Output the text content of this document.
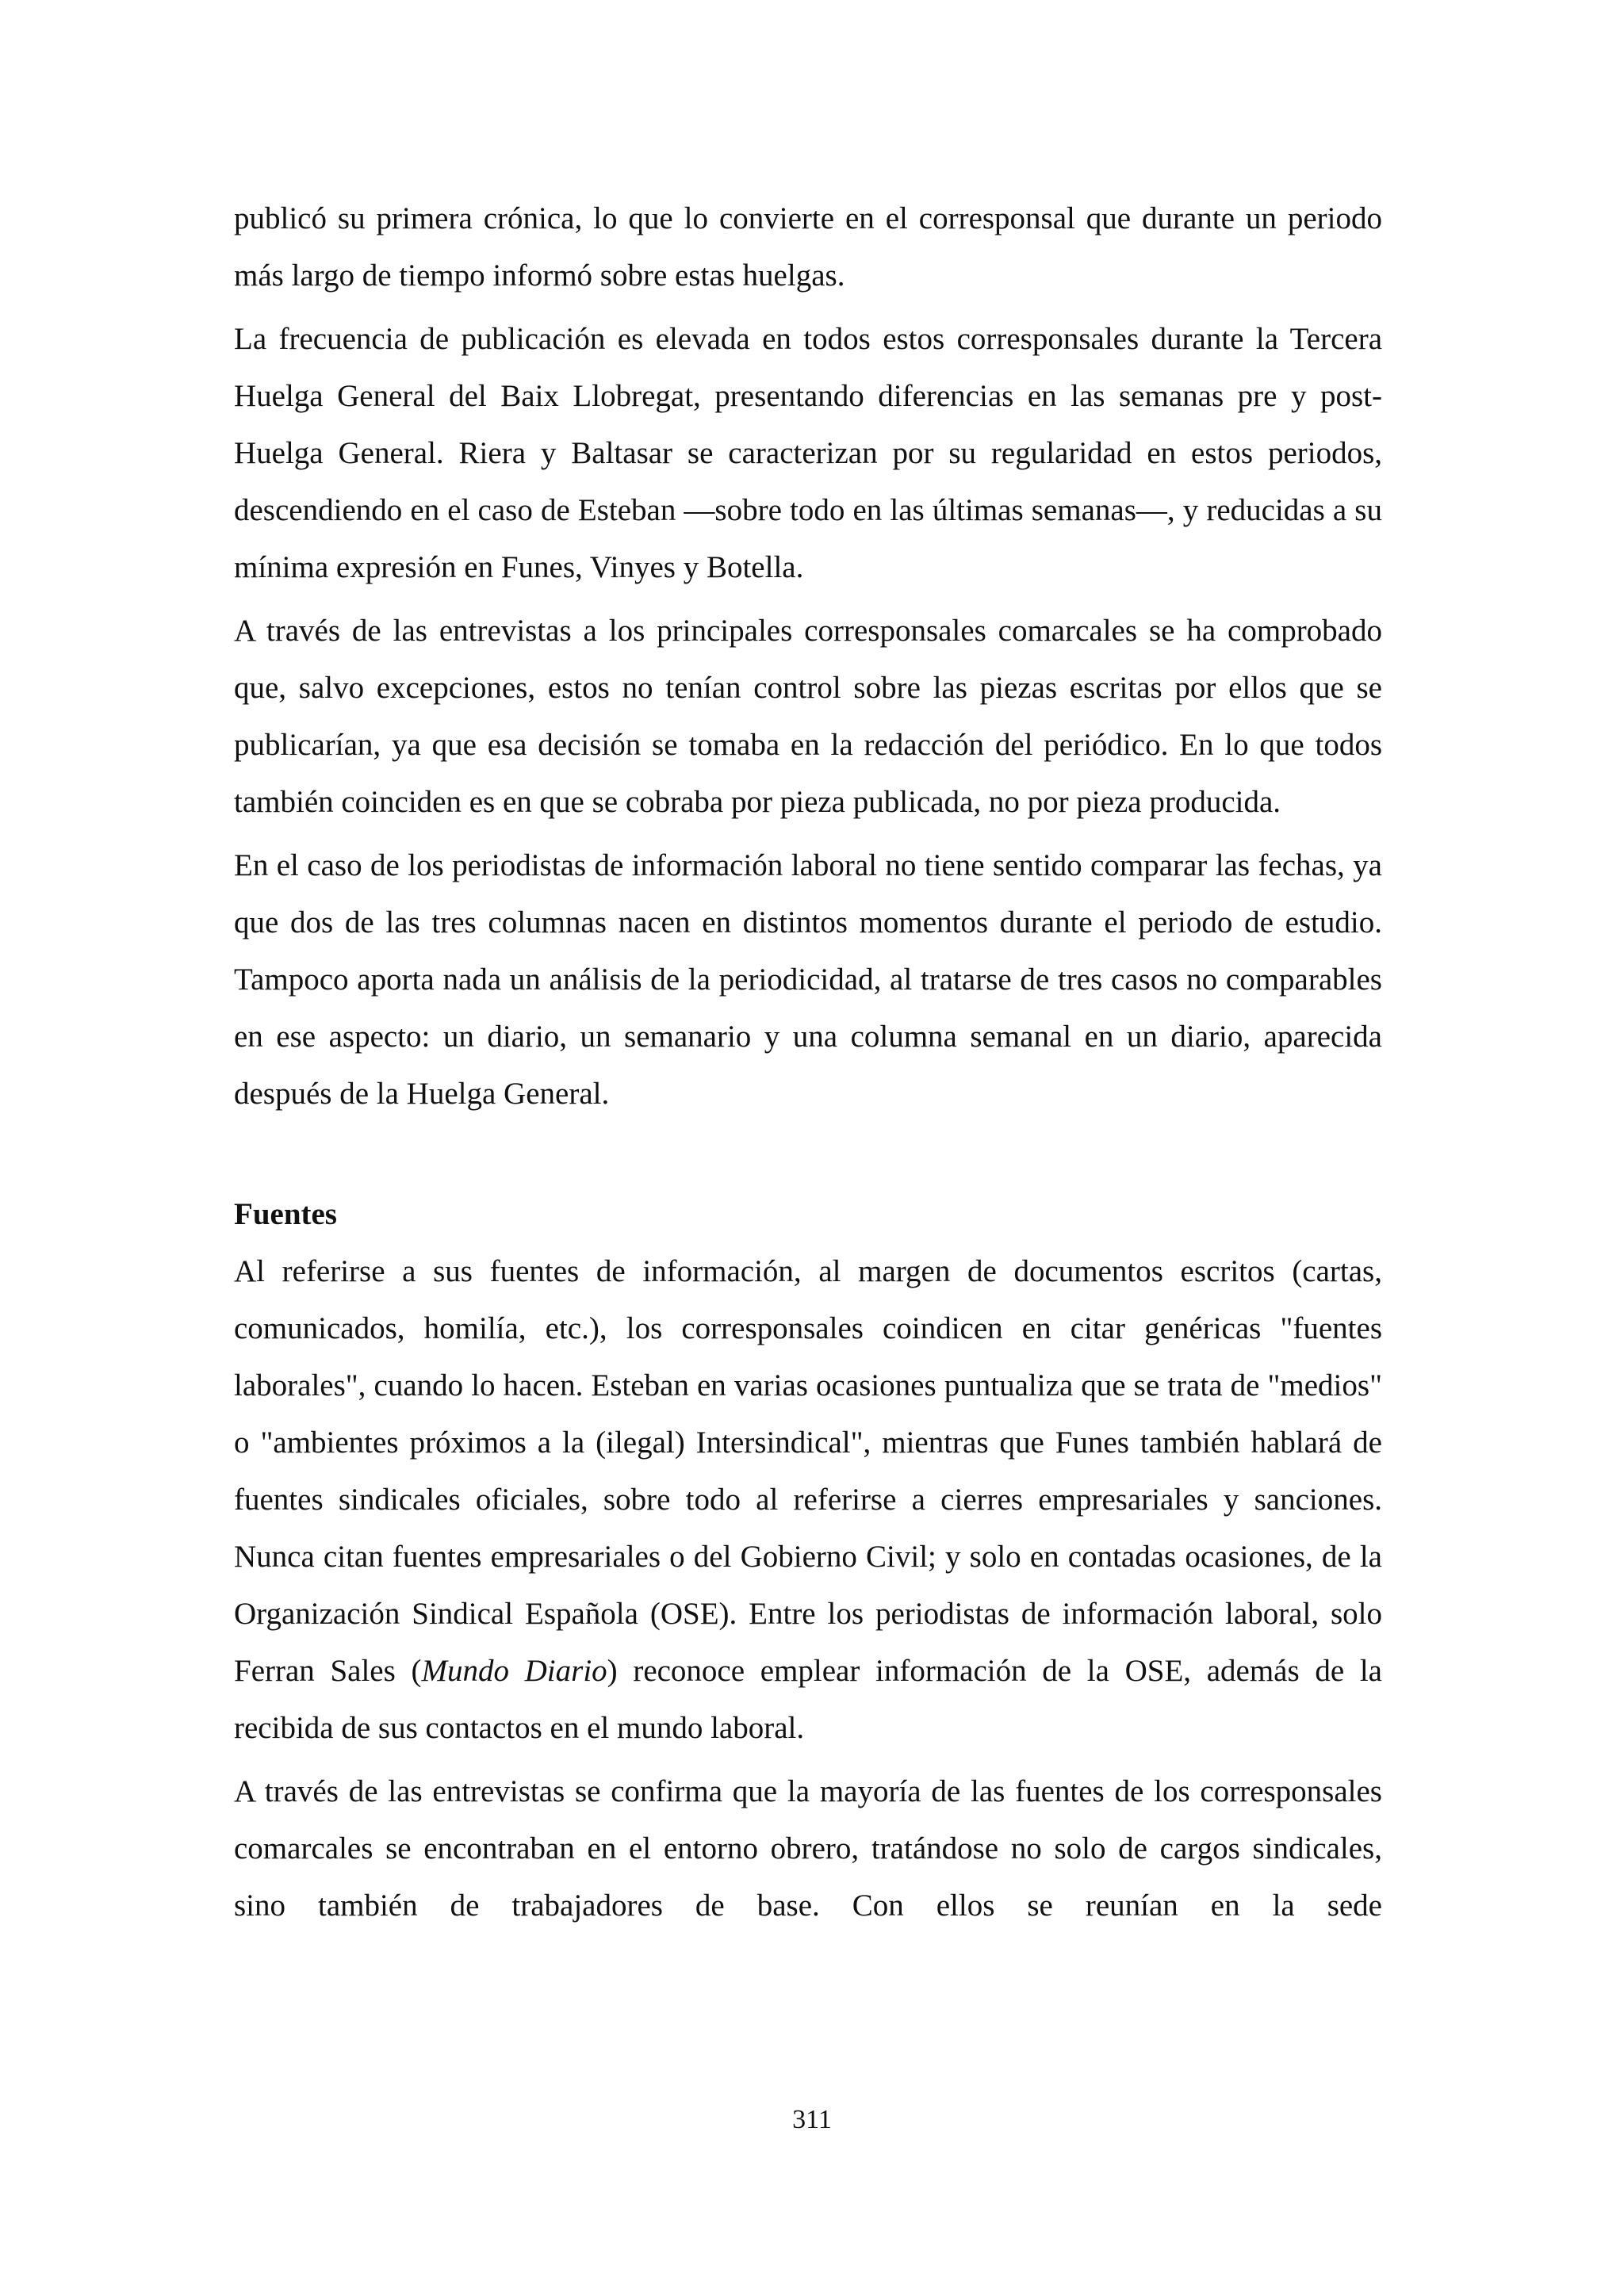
publicó su primera crónica, lo que lo convierte en el corresponsal que durante un periodo más largo de tiempo informó sobre estas huelgas.

La frecuencia de publicación es elevada en todos estos corresponsales durante la Tercera Huelga General del Baix Llobregat, presentando diferencias en las semanas pre y post-Huelga General. Riera y Baltasar se caracterizan por su regularidad en estos periodos, descendiendo en el caso de Esteban —sobre todo en las últimas semanas—, y reducidas a su mínima expresión en Funes, Vinyes y Botella.

A través de las entrevistas a los principales corresponsales comarcales se ha comprobado que, salvo excepciones, estos no tenían control sobre las piezas escritas por ellos que se publicarían, ya que esa decisión se tomaba en la redacción del periódico. En lo que todos también coinciden es en que se cobraba por pieza publicada, no por pieza producida.

En el caso de los periodistas de información laboral no tiene sentido comparar las fechas, ya que dos de las tres columnas nacen en distintos momentos durante el periodo de estudio. Tampoco aporta nada un análisis de la periodicidad, al tratarse de tres casos no comparables en ese aspecto: un diario, un semanario y una columna semanal en un diario, aparecida después de la Huelga General.

Fuentes

Al referirse a sus fuentes de información, al margen de documentos escritos (cartas, comunicados, homilía, etc.), los corresponsales coindicen en citar genéricas "fuentes laborales", cuando lo hacen. Esteban en varias ocasiones puntualiza que se trata de "medios" o "ambientes próximos a la (ilegal) Intersindical", mientras que Funes también hablará de fuentes sindicales oficiales, sobre todo al referirse a cierres empresariales y sanciones. Nunca citan fuentes empresariales o del Gobierno Civil; y solo en contadas ocasiones, de la Organización Sindical Española (OSE). Entre los periodistas de información laboral, solo Ferran Sales (Mundo Diario) reconoce emplear información de la OSE, además de la recibida de sus contactos en el mundo laboral.

A través de las entrevistas se confirma que la mayoría de las fuentes de los corresponsales comarcales se encontraban en el entorno obrero, tratándose no solo de cargos sindicales, sino también de trabajadores de base. Con ellos se reunían en la sede

311
